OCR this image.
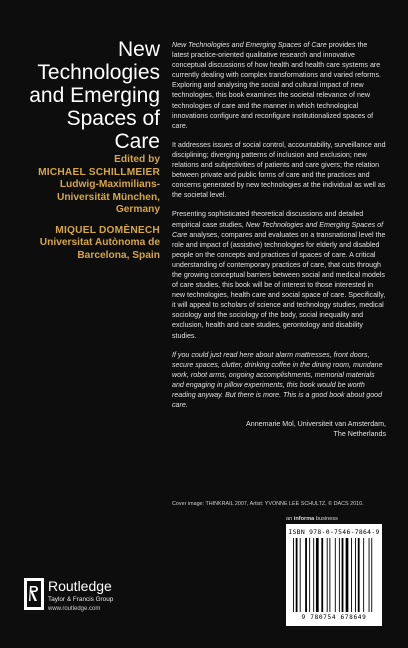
New
Technologies
and Emerging
Spaces of
Care
Edited by
MICHAEL SCHILLMEIER
Ludwig-Maximilians-
Universität München,
Germany
MIQUEL DOMÈNECH
Universitat Autònoma de
Barcelona, Spain

New Technologies and Emerging Spaces of Care provides the latest practice-oriented qualitative research and innovative conceptual discussions of how health and health care systems are currently dealing with complex transformations and varied reforms. Exploring and analysing the social and cultural impact of new technologies, this book examines the societal relevance of new technologies of care and the manner in which technological innovations configure and reconfigure institutionalized spaces of care.

It addresses issues of social control, accountability, surveillance and disciplining; diverging patterns of inclusion and exclusion; new relations and subjectivities of patients and care givers; the relation between private and public forms of care and the practices and concerns generated by new technologies at the individual as well as the societal level.

Presenting sophisticated theoretical discussions and detailed empirical case studies, New Technologies and Emerging Spaces of Care analyses, compares and evaluates on a transnational level the role and impact of (assistive) technologies for elderly and disabled people on the concepts and practices of spaces of care. A critical understanding of contemporary practices of care, that cuts through the growing conceptual barriers between social and medical models of care studies, this book will be of interest to those interested in new technologies, health care and social space of care. Specifically, it will appeal to scholars of science and technology studies, medical sociology and the sociology of the body, social inequality and exclusion, health and care studies, gerontology and disability studies.

If you could just read here about alarm mattresses, front doors, secure spaces, clutter, drinking coffee in the dining room, mundane work, robot arms, ongoing accomplishments, memorial materials and engaging in pillow experiments, this book would be worth reading anyway. But there is more. This is a good book about good care.

Annemarie Mol, Universiteit van Amsterdam,
The Netherlands
Cover image: THINKRAIL 2007, Artist: YVONNE LEE SCHULTZ, © DACS 2010.
an informa business
ISBN 978-0-7546-7864-9
9 780754 678649
Routledge
Taylor & Francis Group
www.routledge.com
